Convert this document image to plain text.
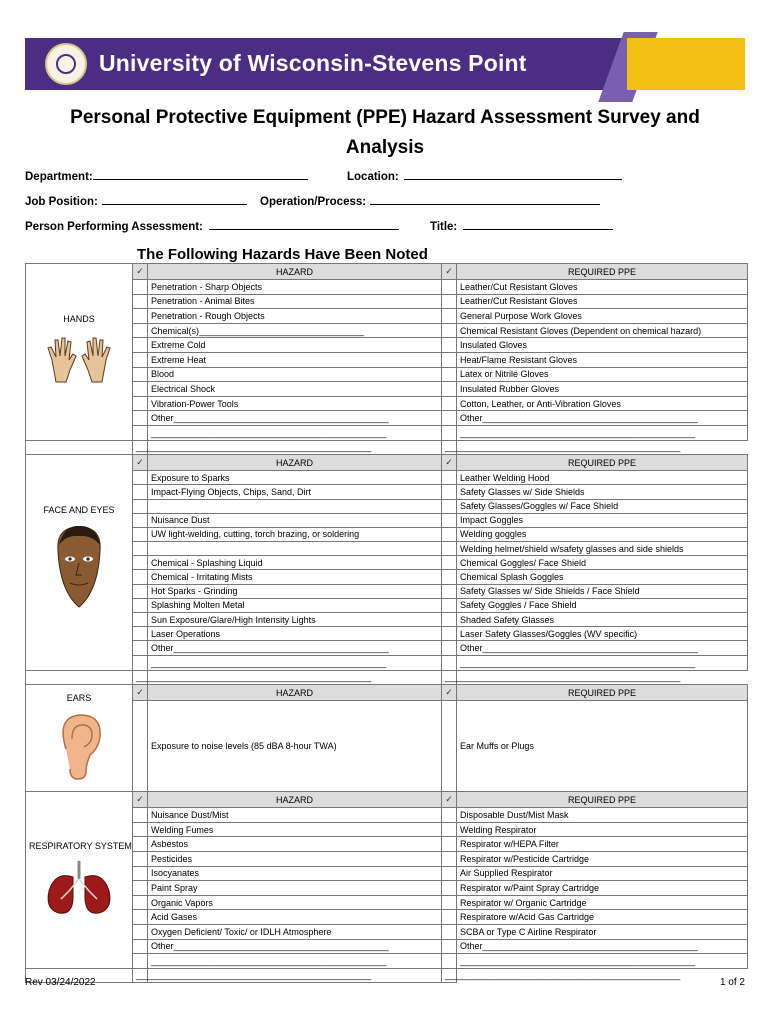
University of Wisconsin-Stevens Point
Personal Protective Equipment (PPE) Hazard Assessment Survey and
Analysis
Department:	Location:
Job Position:	Operation/Process:
Person Performing Assessment:	Title:
The Following Hazards Have Been Noted
HANDS	✓	HAZARD	✓	REQUIRED PPE
		Penetration - Sharp Objects		Leather/Cut Resistant Gloves
		Penetration - Animal Bites		Leather/Cut Resistant Gloves
		Penetration - Rough Objects		General Purpose Work Gloves
		Chemical(s)_________________________________		Chemical Resistant Gloves (Dependent on chemical hazard)
		Extreme Cold		Insulated Gloves
		Extreme Heat		Heat/Flame Resistant Gloves
		Blood		Latex or Nitrile Gloves
		Electrical Shock		Insulated Rubber Gloves
		Vibration-Power Tools		Cotton, Leather, or Anti-Vibration Gloves
		Other___________________________________________		Other___________________________________________
		_______________________________________________		_______________________________________________
	_______________________________________________		_______________________________________________	

FACE AND EYES	✓	HAZARD	✓	REQUIRED PPE
		Exposure to Sparks		Leather Welding Hood
		Impact-Flying Objects, Chips, Sand, Dirt		Safety Glasses w/ Side Shields
				Safety Glasses/Goggles w/ Face Shield
		Nuisance Dust		Impact Goggles
		UW light-welding, cutting, torch brazing, or soldering		Welding goggles
				Welding helmet/shield w/safety glasses and side shields
		Chemical - Splashing Liquid		Chemical Goggles/ Face Shield
		Chemical - Irritating Mists		Chemical Splash Goggles
		Hot Sparks - Grinding		Safety Glasses w/ Side Shields / Face Shield
		Splashing Molten Metal		Safety Goggles / Face Shield
		Sun Exposure/Glare/High Intensity Lights		Shaded Safety Glasses
		Laser Operations		Laser Safety Glasses/Goggles (WV specific)
		Other___________________________________________		Other___________________________________________
		_______________________________________________		_______________________________________________
	_______________________________________________		_______________________________________________	

EARS	✓	HAZARD	✓	REQUIRED PPE
		Exposure to noise levels (85 dBA 8-hour TWA)		Ear Muffs or Plugs

RESPIRATORY SYSTEM	✓	HAZARD	✓	REQUIRED PPE
		Nuisance Dust/Mist		Disposable Dust/Mist Mask
		Welding Fumes		Welding Respirator
		Asbestos		Respirator w/HEPA Filter
		Pesticides		Respirator w/Pesticide Cartridge
		Isocyanates		Air Supplied Respirator
		Paint Spray		Respirator w/Paint Spray Cartridge
		Organic Vapors		Respirator w/ Organic Cartridge
		Acid Gases		Respiratore w/Acid Gas Cartridge
		Oxygen Deficient/ Toxic/ or IDLH Atmosphere		SCBA or Type C Airline Respirator
		Other___________________________________________		Other___________________________________________
		_______________________________________________		_______________________________________________
	_______________________________________________		_______________________________________________	
Rev 03/24/2022	1 of 2
